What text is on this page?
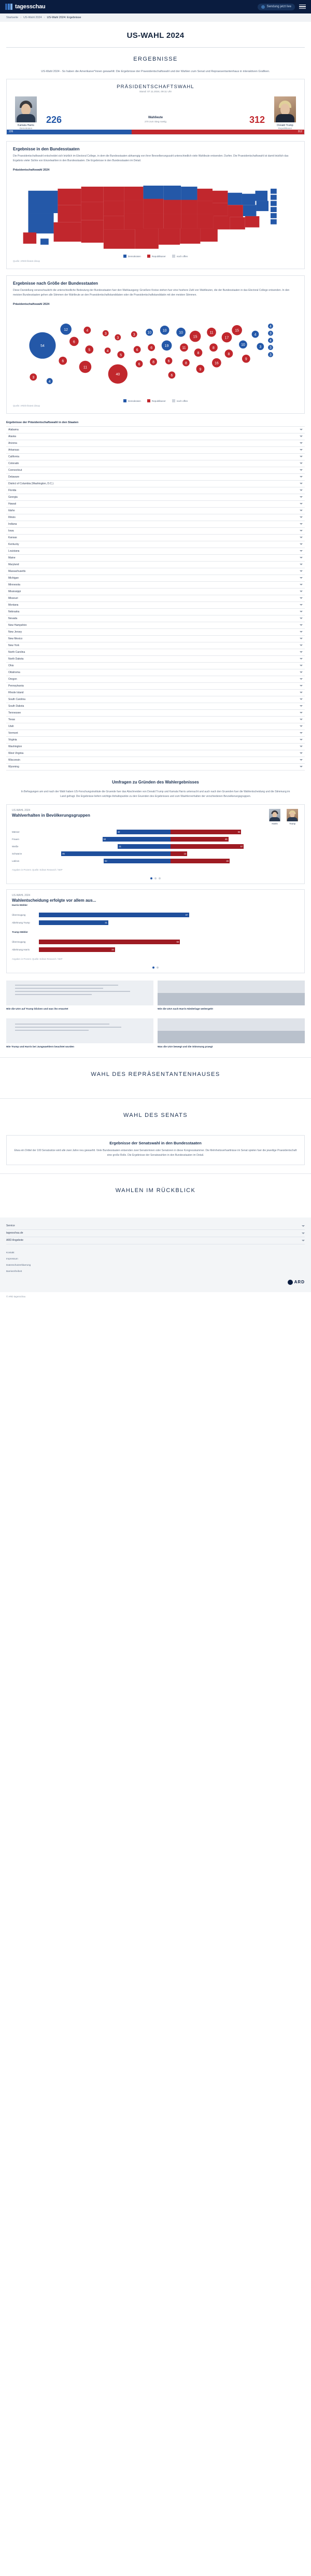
tagesschau	Sendung jetzt live
Startseite › US-Wahl 2024 › US-Wahl 2024: Ergebnisse
US-WAHL 2024
ERGEBNISSE
US-Wahl 2024 - So haben die Amerikaner*innen gewaehlt: Die Ergebnisse der Praesidentschaftswahl und der Wahlen zum Senat und Repraesentantenhaus in interaktiven Grafiken.
PRÄSIDENTSCHAFTSWAHL
Stand: 07.11.2024, 09:11 Uhr
Kamala Harris
Demokraten
226	Wahlleute
270 zum Sieg noetig	312
Donald Trump
Republikaner
226	312
Ergebnisse in den Bundesstaaten

Die Praesidentschaftswahl entscheidet sich letztlich im Electoral College, in dem die Bundesstaaten abhaengig von ihrer Bevoelkerungszahl unterschiedlich viele Wahlleute entsenden. Durfen. Die Praesidentschaftswahl ist damit letztlich das Ergebnis vieler Sichte von Einzelwahlen in den Bundesstaaten. Die Ergebnisse in den Bundesstaaten im Detail.

Präsidentschaftswahl 2024
Demokraten	Republikaner	noch offen
Quelle: ARD/Infratest dimap
Ergebnisse nach Größe der Bundesstaaten

Diese Darstellung veranschaulicht die unterschiedliche Bedeutung der Bundesstaaten fuer den Wahlausgang: Groeßere Kreise stehen fuer eine hoehere Zahl von Wahlleuten, die der Bundesstaaten in das Electoral College entsenden. In den meisten Bundesstaaten gehen alle Stimmen der Wahlleute an den Praesidentschaftskandidaten oder die Praesidentschaftskandidatin mit den meisten Stimmen.

Präsidentschaftswahl 2024
54
12
6
6
4
5
11
3
4
3
5
40
3
6
6
10
6
8
10
19
6
6
10
11
8
15
8
9
11
8
16
17
8
15
10
9
4
3
4
3
4
3
3
3
4
Demokraten	Republikaner	noch offen
Quelle: ARD/Infratest dimap
Ergebnisse der Präsidentschaftswahl in den Staaten
Alabama
Alaska
Arizona
Arkansas
California
Colorado
Connecticut
Delaware
District of Columbia (Washington, D.C.)
Florida
Georgia
Hawaii
Idaho
Illinois
Indiana
Iowa
Kansas
Kentucky
Louisiana
Maine
Maryland
Massachusetts
Michigan
Minnesota
Mississippi
Missouri
Montana
Nebraska
Nevada
New Hampshire
New Jersey
New Mexico
New York
North Carolina
North Dakota
Ohio
Oklahoma
Oregon
Pennsylvania
Rhode Island
South Carolina
South Dakota
Tennessee
Texas
Utah
Vermont
Virginia
Washington
West Virginia
Wisconsin
Wyoming
Umfragen zu Gründen des Wahlergebnisses
In Befragungen am und nach der Wahl haben US-Forschungsinstitute die Gruende fuer das Abschneiden von Donald Trump und Kamala Harris untersucht und auch nach den Gruenden fuer die Wahlentscheidung und die Stimmung im Land gefragt. Die Ergebnisse liefern wichtige Anhaltspunkte zu den Gruenden des Ergebnisses und zum Waehlerverhalten der verschiedenen Bevoelkerungsgruppen.
US-WAHL 2024
Wahlverhalten in Bevölkerungsgruppen
Harris	Trump
Männer	42	55
Frauen	53	45
Weiße	41	57
Schwarze	85	13
Latinos	52	46
Angaben in Prozent. Quelle: Edison Research / NEP
US-WAHL 2024
Wahlentscheidung erfolgte vor allem aus...
Harris-Wähler
Überzeugung	67
Ablehnung Trump	31
Trump-Wähler
Überzeugung	63
Ablehnung Harris	34
Angaben in Prozent. Quelle: Edison Research / NEP
Wie die USA auf Trump blicken und was ihn erwartet	Wie die USA nach Harris Niederlage weitergeht
Wie Trump und Harris bei Jungwaehlern beachtet wurden	Was die USA bewegt und die Stimmung praegt
WAHL DES REPRÄSENTANTENHAUSES
WAHL DES SENATS
Ergebnisse der Senatswahl in den Bundesstaaten

Etwa ein Drittel der 100 Senatssitze wird alle zwei Jahre neu gewaehlt. Viele Bundesstaaten entsenden zwei Senatorinnen oder Senatoren in diese Kongresskammer. Die Mehrheitsverhaeltnisse im Senat spielen fuer die jeweilige Praesidentschaft eine große Rolle. Die Ergebnisse der Senatswahlen in den Bundesstaaten im Detail.

WAHLEN IM RÜCKBLICK
Service
tagesschau.de
ARD Angebote
Kontakt
Impressum
Datenschutzerklaerung
Barrierefreiheit
ARD
© ARD tagesschau
